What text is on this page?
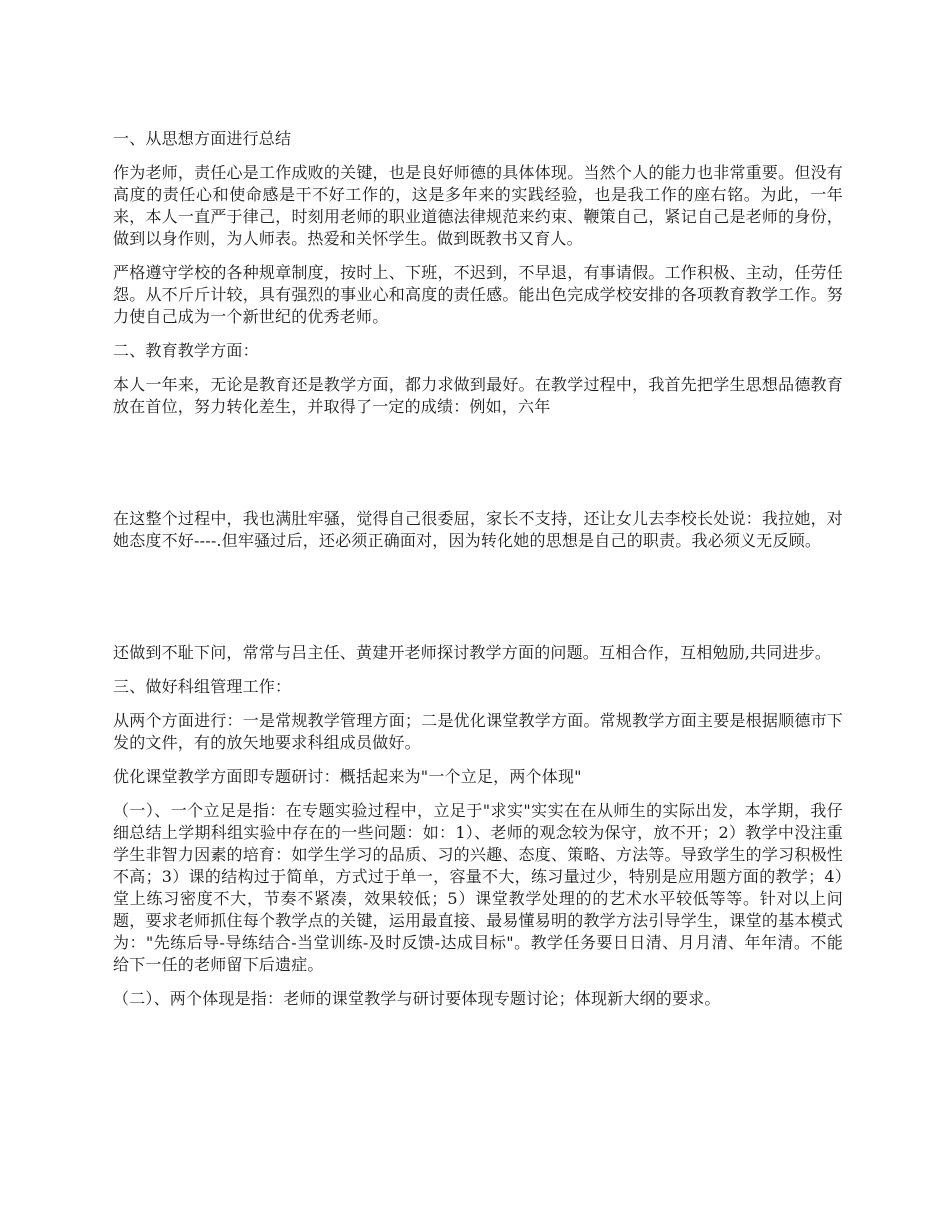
一、从思想方面进行总结

作为老师，责任心是工作成败的关键，也是良好师德的具体体现。当然个人的能力也非常重要。但没有高度的责任心和使命感是干不好工作的，这是多年来的实践经验，也是我工作的座右铭。为此，一年来，本人一直严于律己，时刻用老师的职业道德法律规范来约束、鞭策自己，紧记自己是老师的身份，做到以身作则，为人师表。热爱和关怀学生。做到既教书又育人。

严格遵守学校的各种规章制度，按时上、下班，不迟到，不早退，有事请假。工作积极、主动，任劳任怨。从不斤斤计较，具有强烈的事业心和高度的责任感。能出色完成学校安排的各项教育教学工作。努力使自己成为一个新世纪的优秀老师。

二、教育教学方面：

本人一年来，无论是教育还是教学方面，都力求做到最好。在教学过程中，我首先把学生思想品德教育放在首位，努力转化差生，并取得了一定的成绩：例如，六年

在这整个过程中，我也满肚牢骚，觉得自己很委屈，家长不支持，还让女儿去李校长处说：我拉她，对她态度不好----.但牢骚过后，还必须正确面对，因为转化她的思想是自己的职责。我必须义无反顾。

还做到不耻下问，常常与吕主任、黄建开老师探讨教学方面的问题。互相合作，互相勉励,共同进步。

三、做好科组管理工作：

从两个方面进行：一是常规教学管理方面；二是优化课堂教学方面。常规教学方面主要是根据顺德市下发的文件，有的放矢地要求科组成员做好。

优化课堂教学方面即专题研讨：概括起来为"一个立足，两个体现"

（一）、一个立足是指：在专题实验过程中，立足于"求实"实实在在从师生的实际出发，本学期，我仔细总结上学期科组实验中存在的一些问题：如：1）、老师的观念较为保守，放不开；2）教学中没注重学生非智力因素的培育：如学生学习的品质、习的兴趣、态度、策略、方法等。导致学生的学习积极性不高；3）课的结构过于简单，方式过于单一，容量不大，练习量过少，特别是应用题方面的教学；4）堂上练习密度不大，节奏不紧凑，效果较低；5）课堂教学处理的的艺术水平较低等等。针对以上问题，要求老师抓住每个教学点的关键，运用最直接、最易懂易明的教学方法引导学生，课堂的基本模式为："先练后导-导练结合-当堂训练-及时反馈-达成目标"。教学任务要日日清、月月清、年年清。不能给下一任的老师留下后遗症。

（二）、两个体现是指：老师的课堂教学与研讨要体现专题讨论；体现新大纲的要求。
